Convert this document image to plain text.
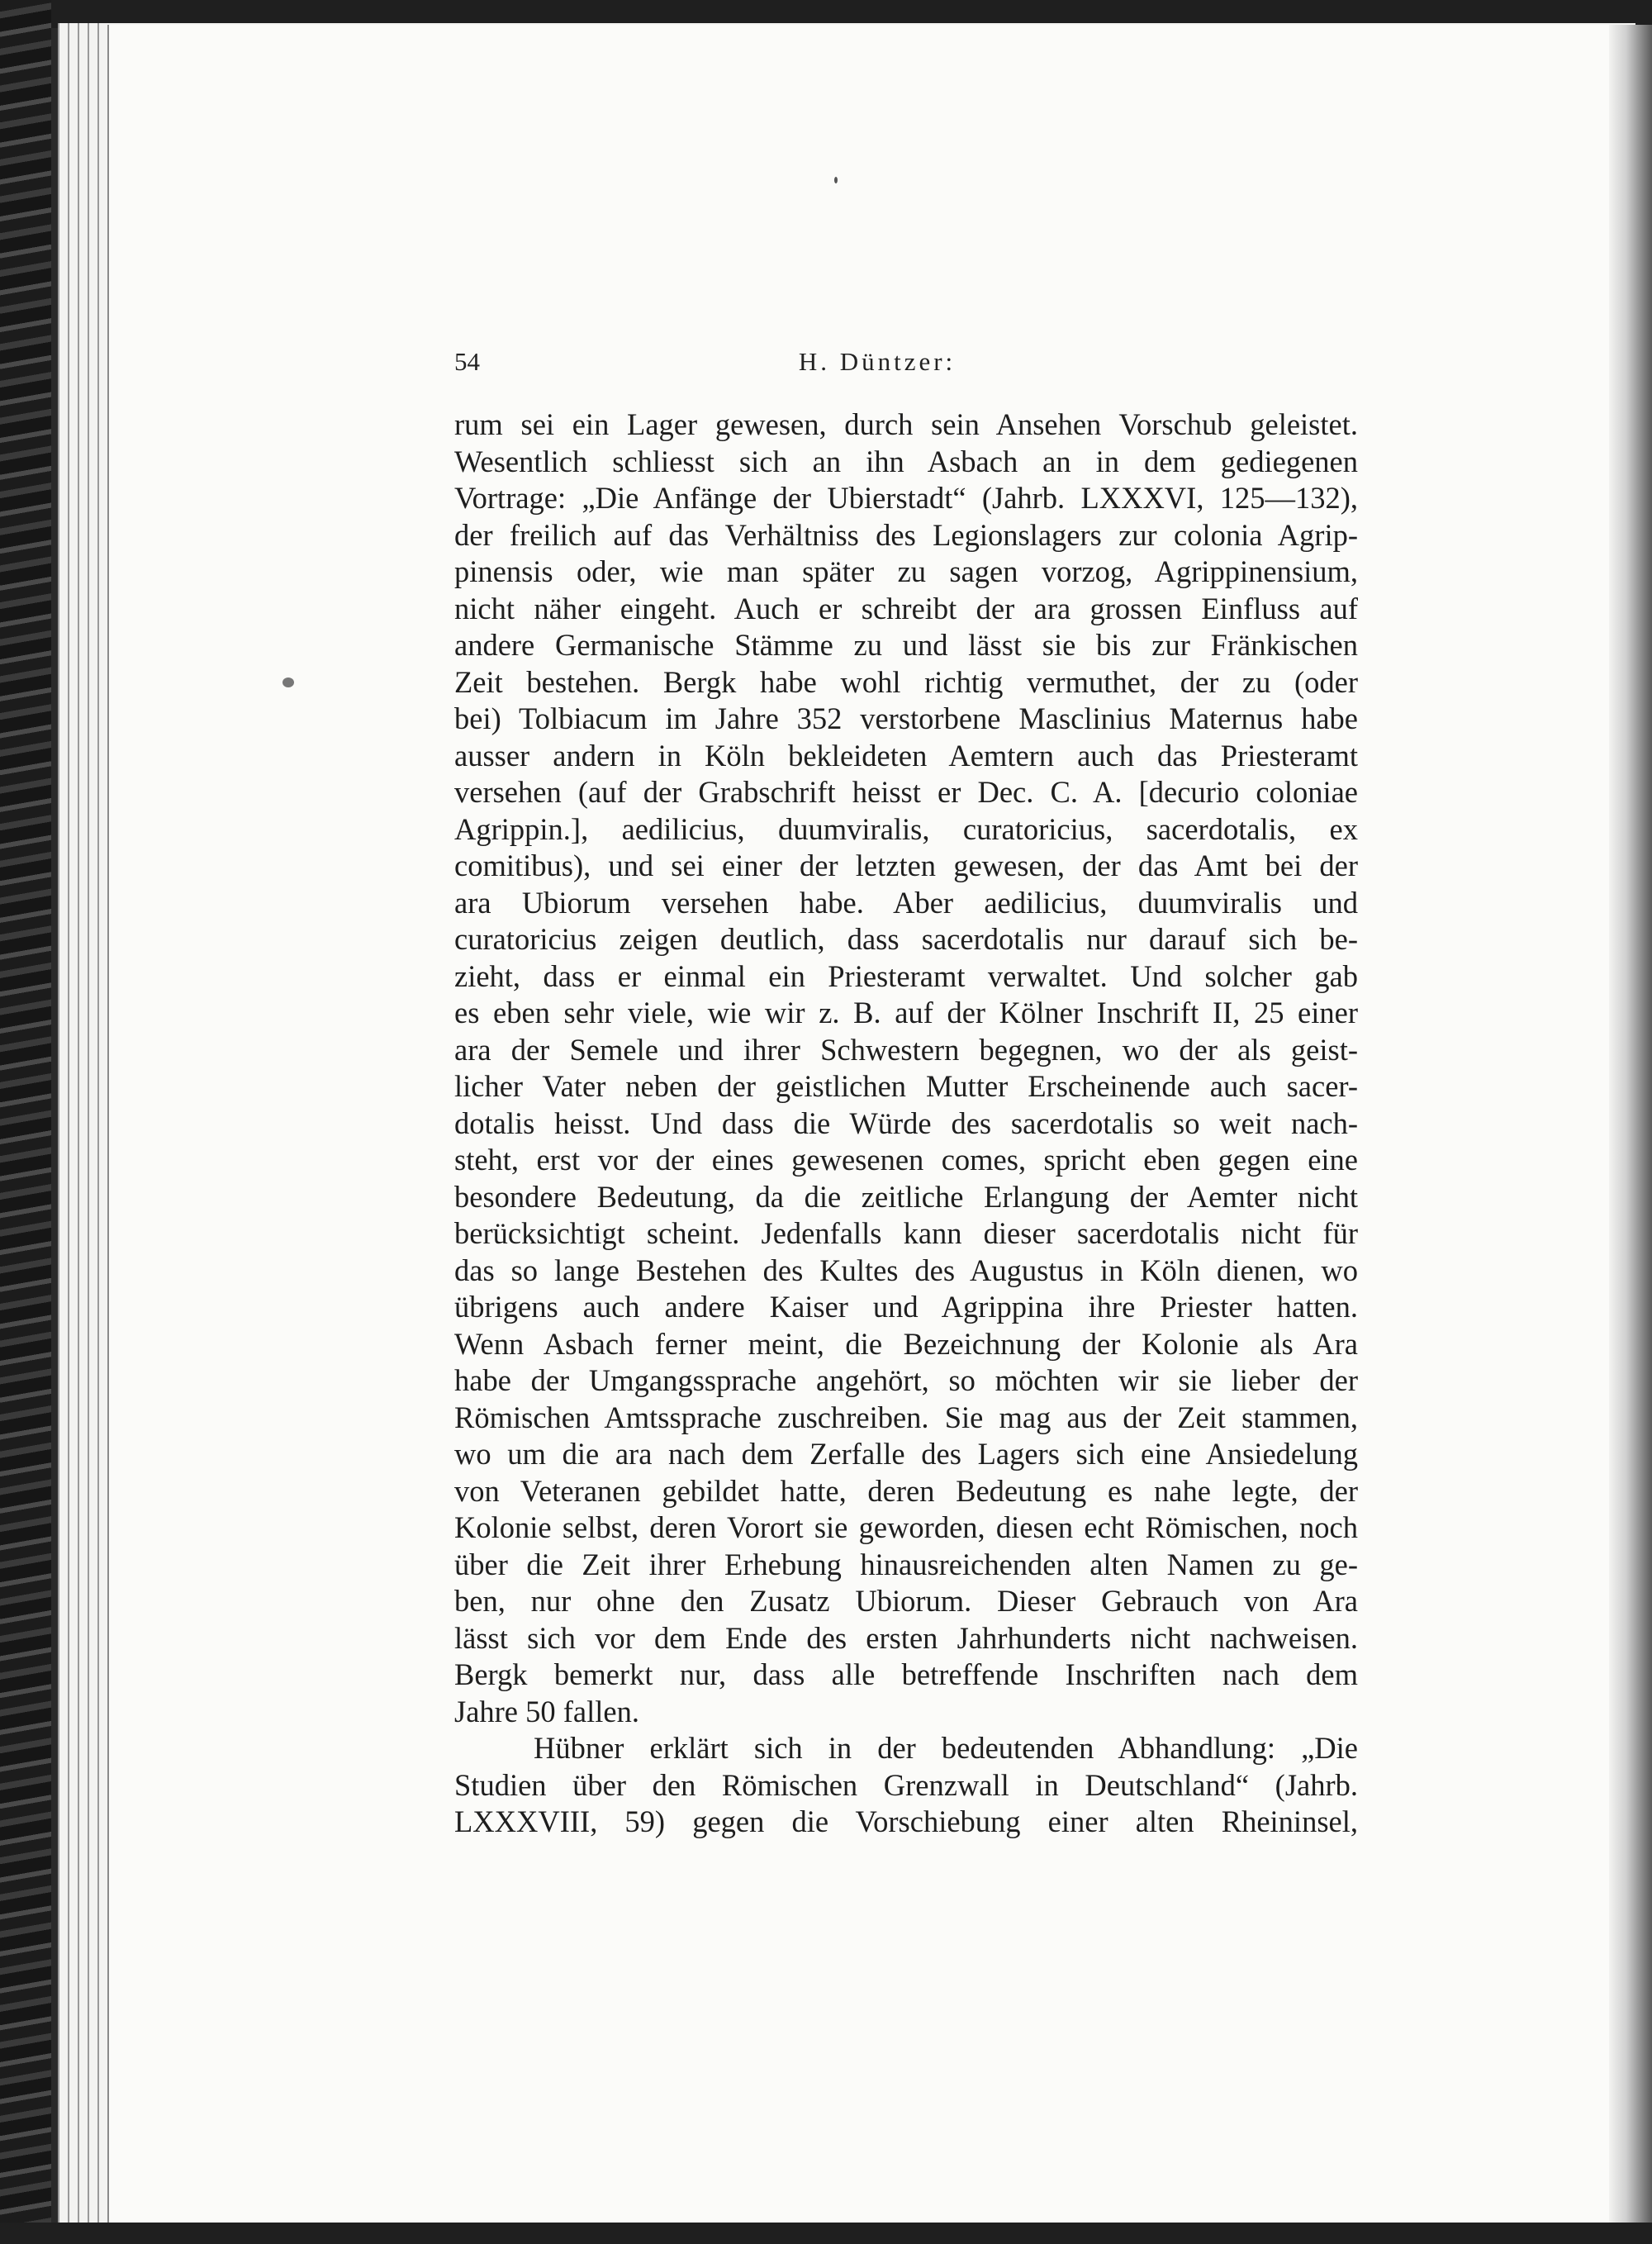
54	H. Düntzer:
rum sei ein Lager gewesen, durch sein Ansehen Vorschub geleistet.
Wesentlich schliesst sich an ihn Asbach an in dem gediegenen
Vortrage: „Die Anfänge der Ubierstadt“ (Jahrb. LXXXVI, 125—132),
der freilich auf das Verhältniss des Legionslagers zur colonia Agrip-
pinensis oder, wie man später zu sagen vorzog, Agrippinensium,
nicht näher eingeht. Auch er schreibt der ara grossen Einfluss auf
andere Germanische Stämme zu und lässt sie bis zur Fränkischen
Zeit bestehen. Bergk habe wohl richtig vermuthet, der zu (oder
bei) Tolbiacum im Jahre 352 verstorbene Masclinius Maternus habe
ausser andern in Köln bekleideten Aemtern auch das Priesteramt
versehen (auf der Grabschrift heisst er Dec. C. A. [decurio coloniae
Agrippin.], aedilicius, duumviralis, curatoricius, sacerdotalis, ex
comitibus), und sei einer der letzten gewesen, der das Amt bei der
ara Ubiorum versehen habe. Aber aedilicius, duumviralis und
curatoricius zeigen deutlich, dass sacerdotalis nur darauf sich be-
zieht, dass er einmal ein Priesteramt verwaltet. Und solcher gab
es eben sehr viele, wie wir z. B. auf der Kölner Inschrift II, 25 einer
ara der Semele und ihrer Schwestern begegnen, wo der als geist-
licher Vater neben der geistlichen Mutter Erscheinende auch sacer-
dotalis heisst. Und dass die Würde des sacerdotalis so weit nach-
steht, erst vor der eines gewesenen comes, spricht eben gegen eine
besondere Bedeutung, da die zeitliche Erlangung der Aemter nicht
berücksichtigt scheint. Jedenfalls kann dieser sacerdotalis nicht für
das so lange Bestehen des Kultes des Augustus in Köln dienen, wo
übrigens auch andere Kaiser und Agrippina ihre Priester hatten.
Wenn Asbach ferner meint, die Bezeichnung der Kolonie als Ara
habe der Umgangssprache angehört, so möchten wir sie lieber der
Römischen Amtssprache zuschreiben. Sie mag aus der Zeit stammen,
wo um die ara nach dem Zerfalle des Lagers sich eine Ansiedelung
von Veteranen gebildet hatte, deren Bedeutung es nahe legte, der
Kolonie selbst, deren Vorort sie geworden, diesen echt Römischen, noch
über die Zeit ihrer Erhebung hinausreichenden alten Namen zu ge-
ben, nur ohne den Zusatz Ubiorum. Dieser Gebrauch von Ara
lässt sich vor dem Ende des ersten Jahrhunderts nicht nachweisen.
Bergk bemerkt nur, dass alle betreffende Inschriften nach dem
Jahre 50 fallen.
Hübner erklärt sich in der bedeutenden Abhandlung: „Die
Studien über den Römischen Grenzwall in Deutschland“ (Jahrb.
LXXXVIII, 59) gegen die Vorschiebung einer alten Rheininsel,
